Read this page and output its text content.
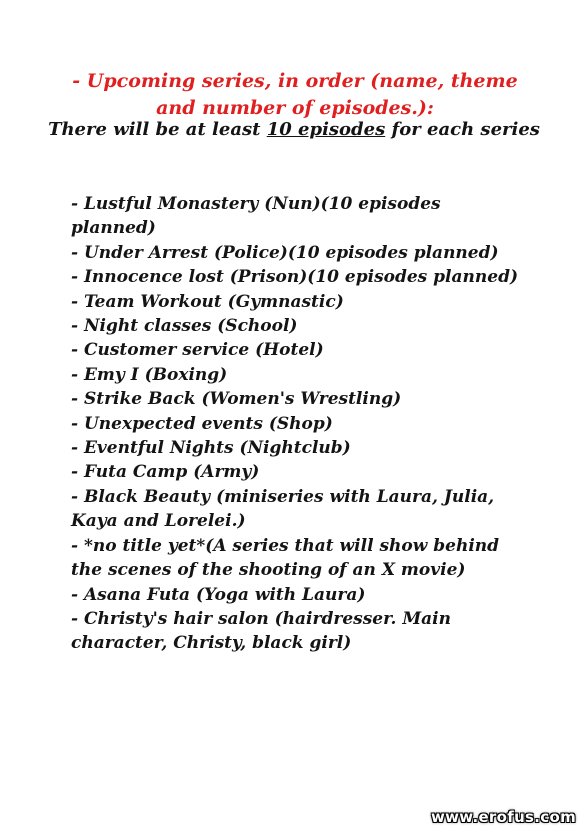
- Upcoming series, in order (name, theme and number of episodes.):
There will be at least 10 episodes for each series
- Lustful Monastery (Nun)(10 episodes planned)
- Under Arrest (Police)(10 episodes planned)
- Innocence lost (Prison)(10 episodes planned)
- Team Workout (Gymnastic)
- Night classes (School)
- Customer service (Hotel)
- Emy I (Boxing)
- Strike Back (Women's Wrestling)
- Unexpected events (Shop)
- Eventful Nights (Nightclub)
- Futa Camp (Army)
- Black Beauty (miniseries with Laura, Julia, Kaya and Lorelei.)
- *no title yet*(A series that will show behind the scenes of the shooting of an X movie)
- Asana Futa (Yoga with Laura)
- Christy's hair salon (hairdresser. Main character, Christy, black girl)
www.erofus.com
